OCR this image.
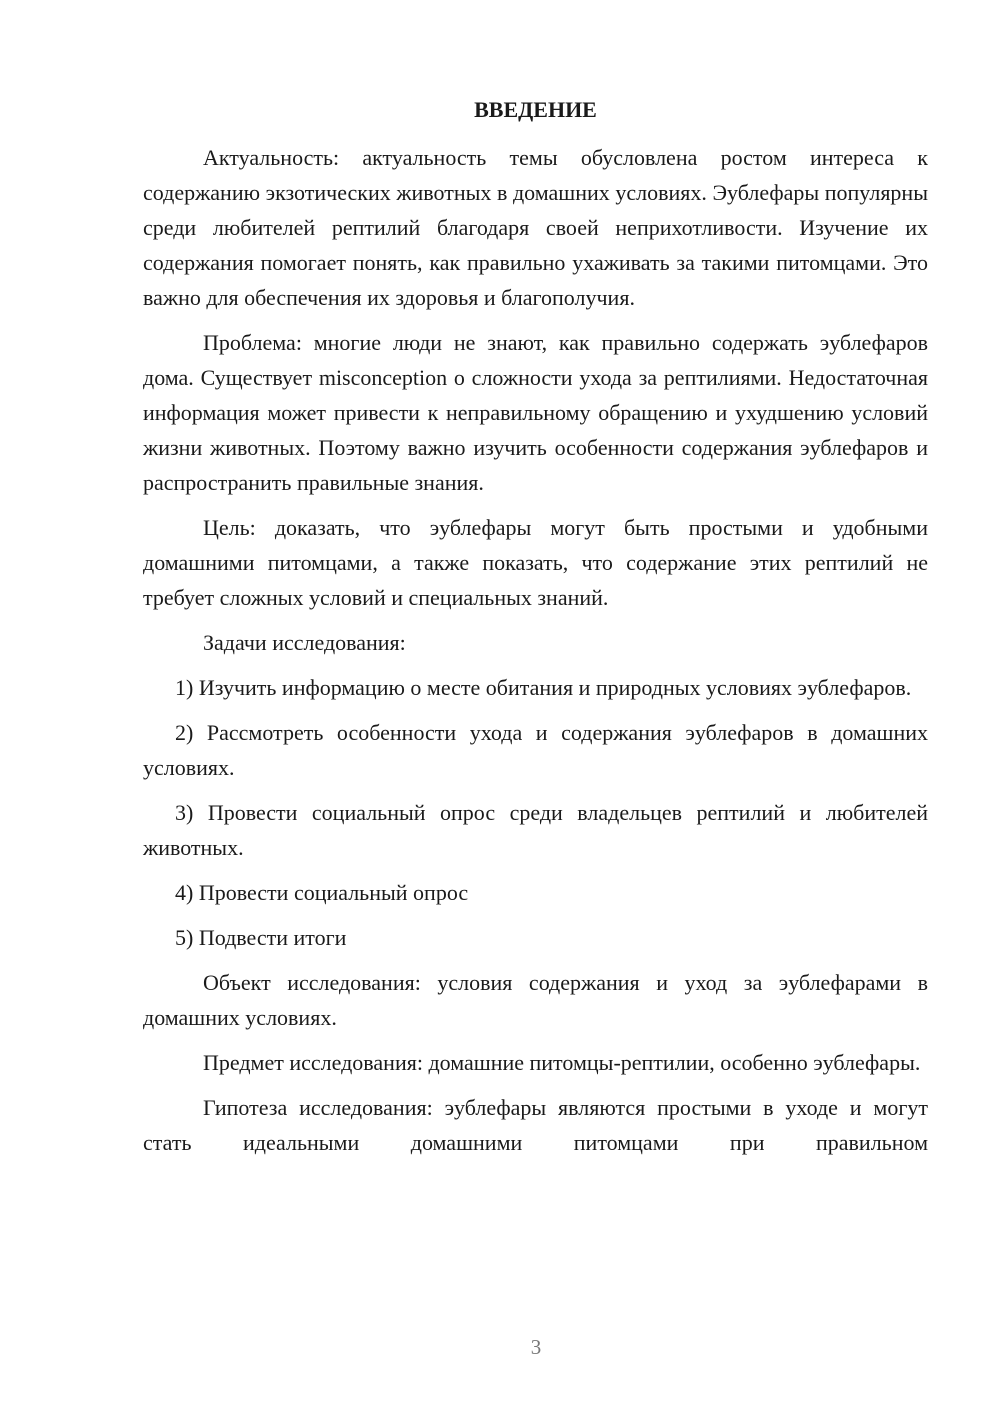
ВВЕДЕНИЕ

Актуальность: актуальность темы обусловлена ростом интереса к содержанию экзотических животных в домашних условиях. Эублефары популярны среди любителей рептилий благодаря своей неприхотливости. Изучение их содержания помогает понять, как правильно ухаживать за такими питомцами. Это важно для обеспечения их здоровья и благополучия.

Проблема: многие люди не знают, как правильно содержать эублефаров дома. Существует misconception о сложности ухода за рептилиями. Недостаточная информация может привести к неправильному обращению и ухудшению условий жизни животных. Поэтому важно изучить особенности содержания эублефаров и распространить правильные знания.

Цель: доказать, что эублефары могут быть простыми и удобными домашними питомцами, а также показать, что содержание этих рептилий не требует сложных условий и специальных знаний.

Задачи исследования:

1) Изучить информацию о месте обитания и природных условиях эублефаров.

2) Рассмотреть особенности ухода и содержания эублефаров в домашних условиях.

3) Провести социальный опрос среди владельцев рептилий и любителей животных.

4) Провести социальный опрос

5) Подвести итоги

Объект исследования: условия содержания и уход за эублефарами в домашних условиях.

Предмет исследования: домашние питомцы-рептилии, особенно эублефары.

Гипотеза исследования: эублефары являются простыми в уходе и могут стать идеальными домашними питомцами при правильном

3
